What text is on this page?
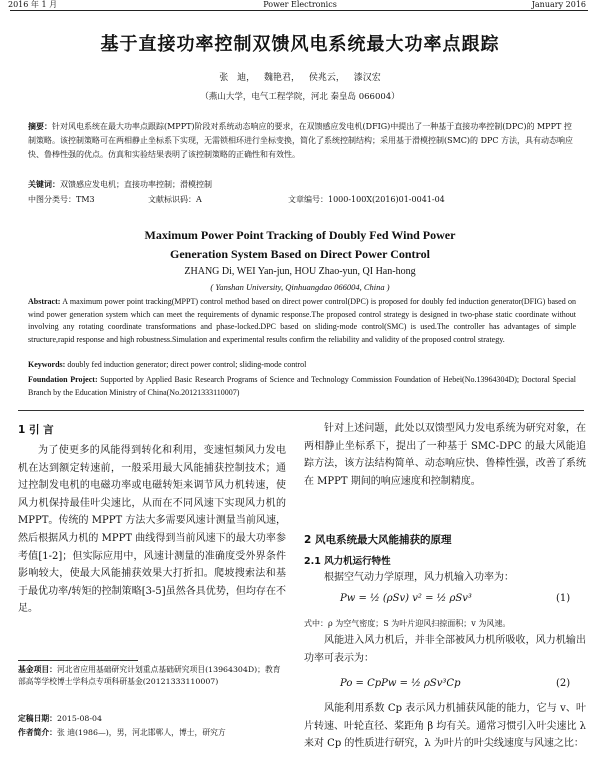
2016 年 1 月	Power Electronics	January 2016
基于直接功率控制双馈风电系统最大功率点跟踪
张 迪， 魏艳君， 侯兆云， 漆汉宏
（燕山大学，电气工程学院，河北 秦皇岛 066004）
摘要：针对风电系统在最大功率点跟踪(MPPT)阶段对系统动态响应的要求，在双馈感应发电机(DFIG)中提出了一种基于直接功率控制(DPC)的 MPPT 控制策略。该控制策略可在两相静止坐标系下实现，无需锁相环进行坐标变换，简化了系统控制结构；采用基于滑模控制(SMC)的 DPC 方法，具有动态响应快、鲁棒性强的优点。仿真和实验结果表明了该控制策略的正确性和有效性。
关键词：双馈感应发电机；直接功率控制；滑模控制
中图分类号：TM3	文献标识码：A	文章编号：1000-100X(2016)01-0041-04
Maximum Power Point Tracking of Doubly Fed Wind Power
Generation System Based on Direct Power Control
ZHANG Di, WEI Yan-jun, HOU Zhao-yun, QI Han-hong
( Yanshan University, Qinhuangdao 066004, China )
Abstract: A maximum power point tracking(MPPT) control method based on direct power control(DPC) is proposed for doubly fed induction generator(DFIG) based on wind power generation system which can meet the requirements of dynamic response.The proposed control strategy is designed in two-phase static coordinate without involving any rotating coordinate transformations and phase-locked.DPC based on sliding-mode control(SMC) is used.The controller has advantages of simple structure,rapid response and high robustness.Simulation and experimental results confirm the reliability and validity of the proposed control strategy.
Keywords: doubly fed induction generator; direct power control; sliding-mode control
Foundation Project: Supported by Applied Basic Research Programs of Science and Technology Commission Foundation of Hebei(No.13964304D); Doctoral Special Branch by the Education Ministry of China(No.20121333110007)
1 引 言
为了使更多的风能得到转化和利用，变速恒频风力发电机在达到额定转速前，一般采用最大风能捕获控制技术；通过控制发电机的电磁功率或电磁转矩来调节风力机转速，使风力机保持最佳叶尖速比，从而在不同风速下实现风力机的 MPPT。传统的 MPPT 方法大多需要风速计测量当前风速，然后根据风力机的 MPPT 曲线得到当前风速下的最大功率参考值[1-2]；但实际应用中，风速计测量的准确度受外界条件影响较大，使最大风能捕获效果大打折扣。爬坡搜索法和基于最优功率/转矩的控制策略[3-5]虽然各具优势，但均存在不足。
基金项目：河北省应用基础研究计划重点基础研究项目(13964304D)；教育部高等学校博士学科点专项科研基金(20121333110007)
定稿日期：2015-08-04
作者简介：张 迪(1986—)，男，河北邯郸人，博士，研究方
针对上述问题，此处以双馈型风力发电系统为研究对象，在两相静止坐标系下，提出了一种基于 SMC-DPC 的最大风能追踪方法，该方法结构简单、动态响应快、鲁棒性强，改善了系统在 MPPT 期间的响应速度和控制精度。
2 风电系统最大风能捕获的原理
2.1 风力机运行特性
根据空气动力学原理，风力机输入功率为：
Pw = ½ (ρSv) v² = ½ ρSv³	(1)
式中：ρ 为空气密度；S 为叶片迎风扫掠面积；v 为风速。
风能进入风力机后，并非全部被风力机所吸收，风力机输出功率可表示为：
Po = CpPw = ½ ρSv³Cp	(2)
风能利用系数 Cp 表示风力机捕获风能的能力，它与 v、叶片转速、叶轮直径、桨距角 β 均有关。通常习惯引入叶尖速比 λ 来对 Cp 的性质进行研究，λ 为叶片的叶尖线速度与风速之比：
